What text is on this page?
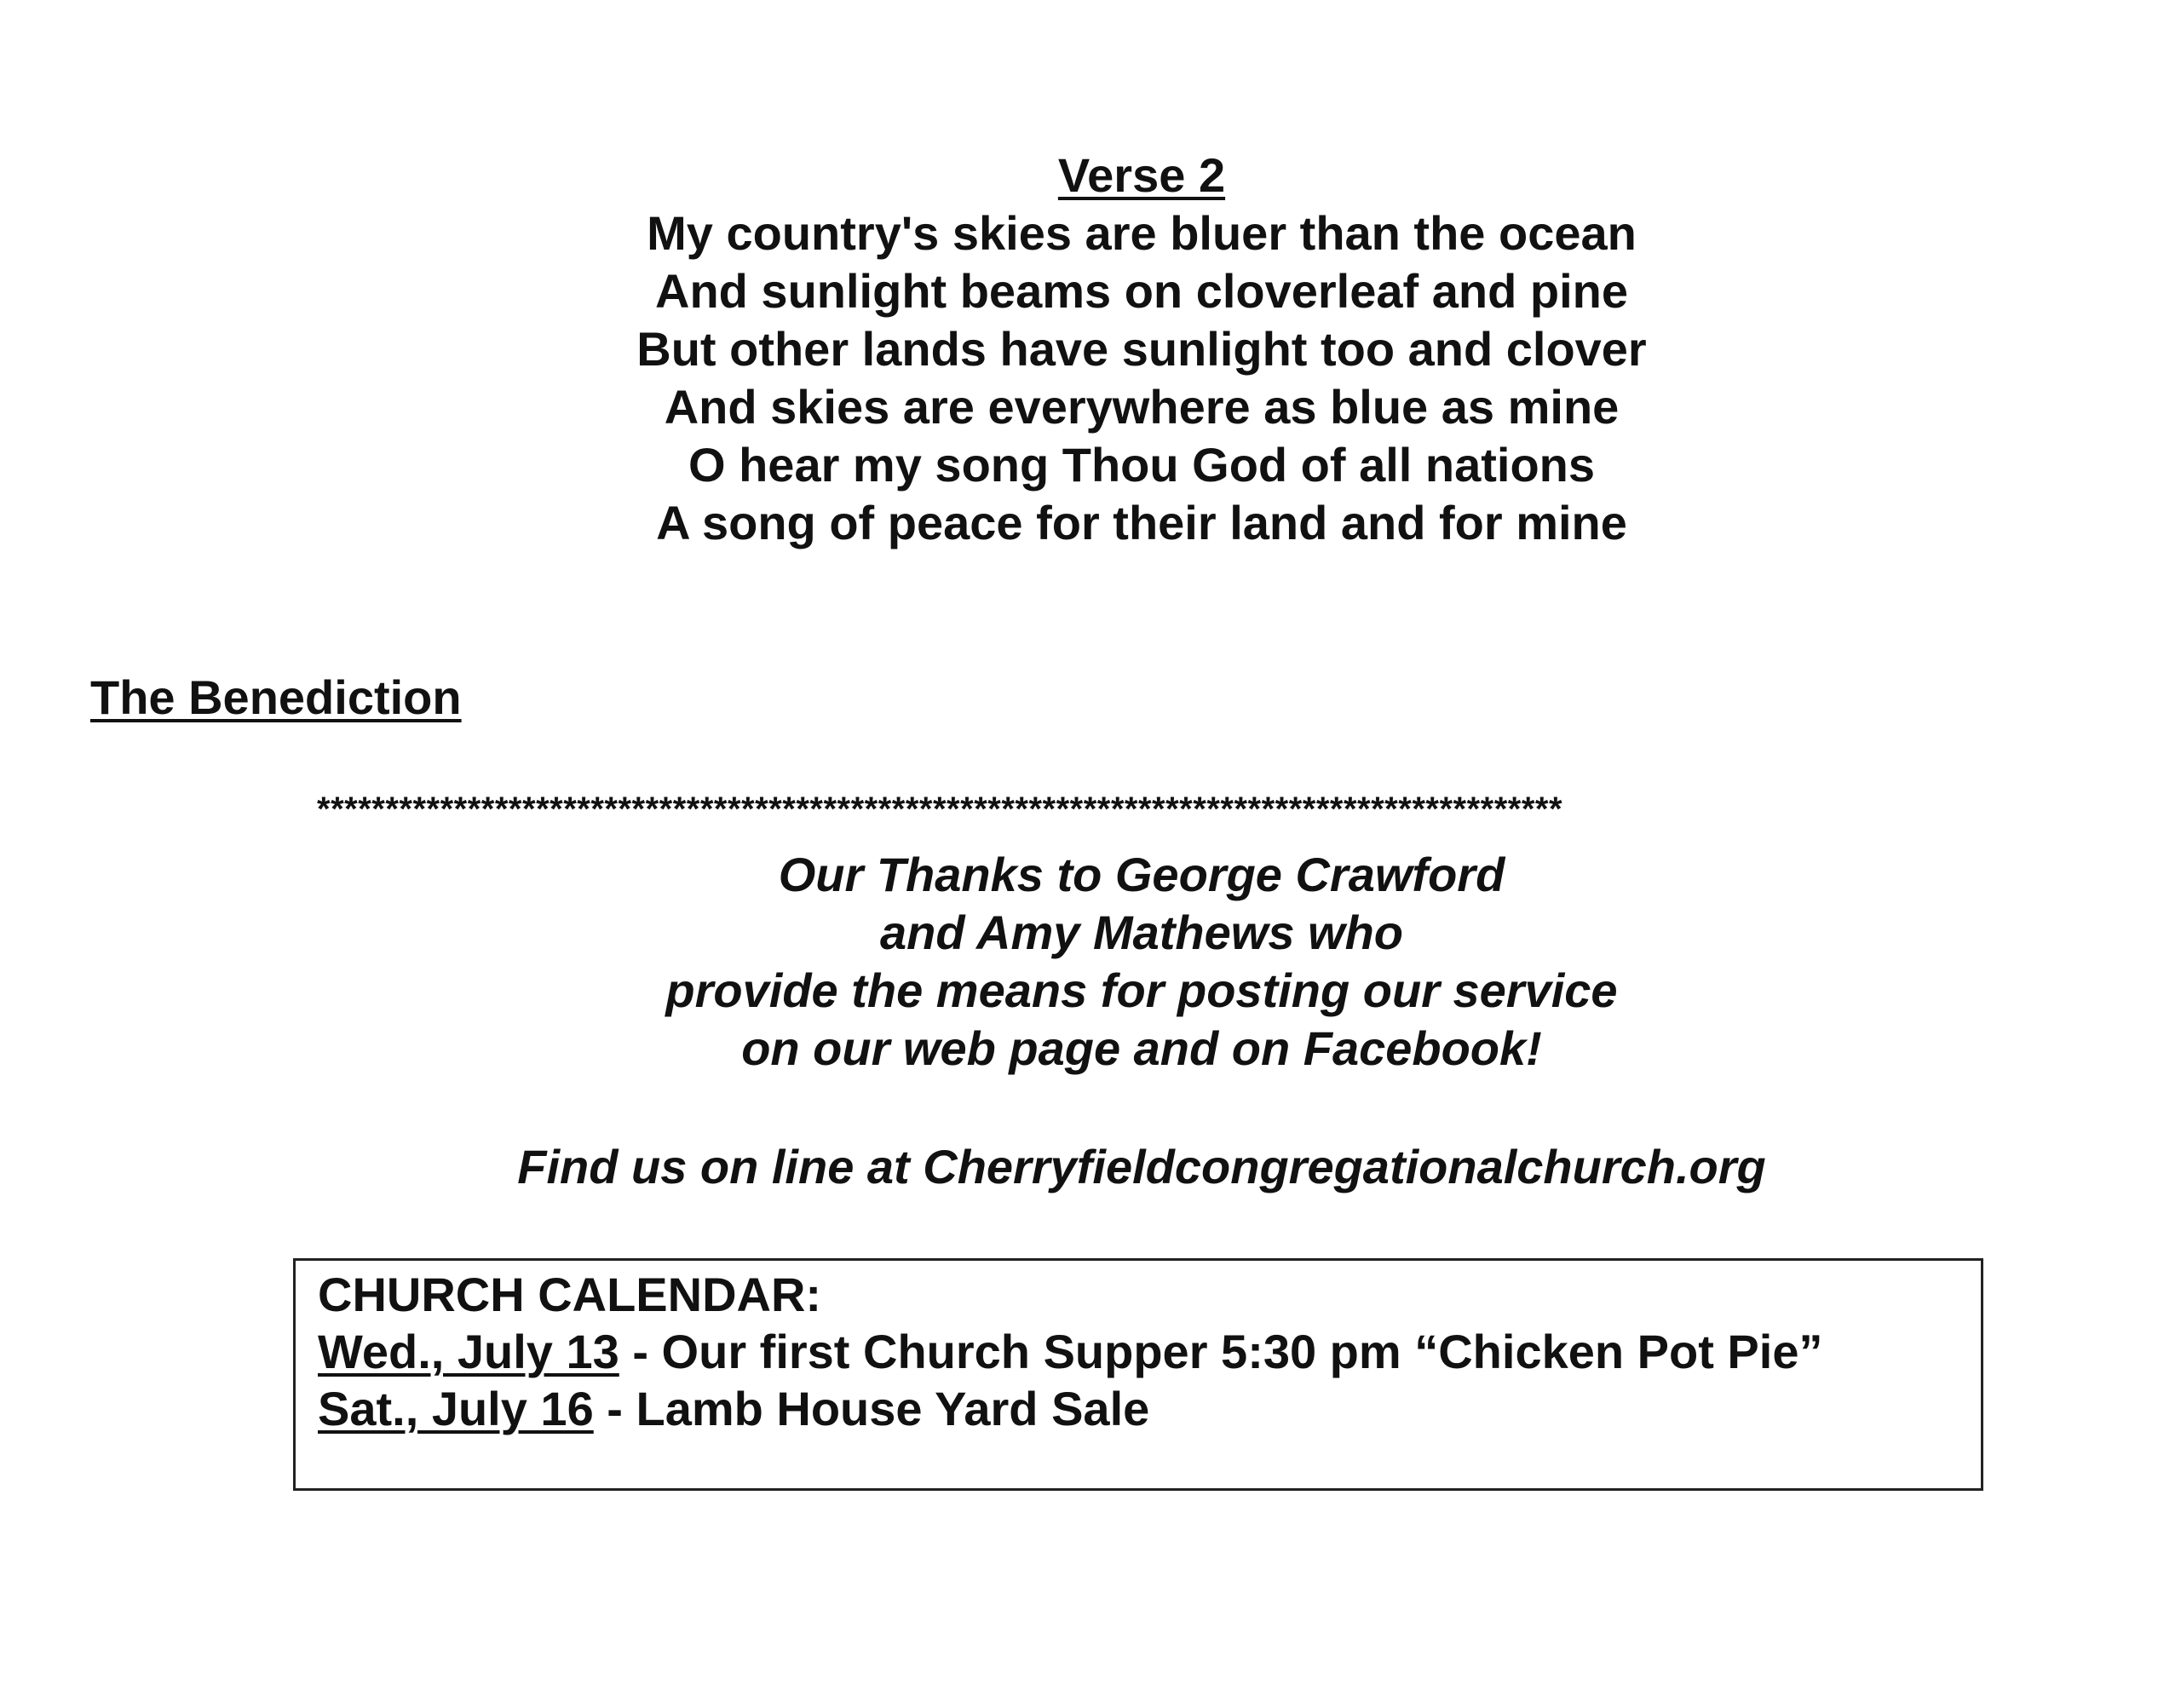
Verse 2
My country's skies are bluer than the ocean
And sunlight beams on cloverleaf and pine
But other lands have sunlight too and clover
And skies are everywhere as blue as mine
O hear my song Thou God of all nations
A song of peace for their land and for mine
The Benediction
*******************************************************************************************
Our Thanks to George Crawford
and Amy Mathews who
provide the means for posting our service
on our web page and on Facebook!
Find us on line at Cherryfieldcongregationalchurch.org
CHURCH CALENDAR:
Wed., July 13 - Our first Church Supper 5:30 pm “Chicken Pot Pie”
Sat., July 16 - Lamb House Yard Sale
